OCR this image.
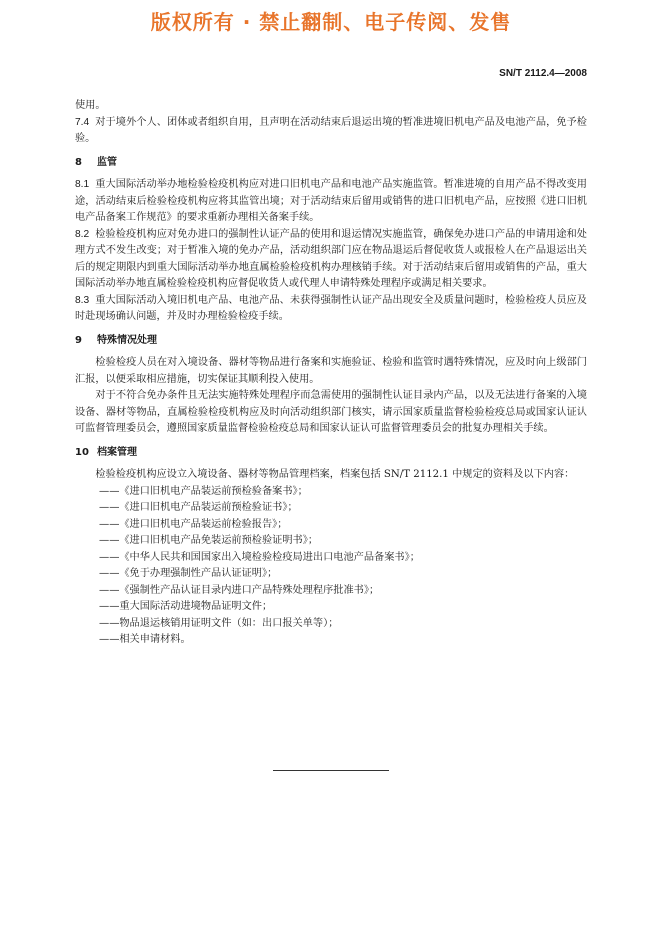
版权所有 · 禁止翻制、电子传阅、发售
SN/T 2112.4—2008

使用。

7.4 对于境外个人、团体或者组织自用，且声明在活动结束后退运出境的暂准进境旧机电产品及电池产品，免予检验。

8 监管

8.1 重大国际活动举办地检验检疫机构应对进口旧机电产品和电池产品实施监管。暂准进境的自用产品不得改变用途，活动结束后检验检疫机构应将其监管出境；对于活动结束后留用或销售的进口旧机电产品，应按照《进口旧机电产品备案工作规范》的要求重新办理相关备案手续。

8.2 检验检疫机构应对免办进口的强制性认证产品的使用和退运情况实施监管，确保免办进口产品的申请用途和处理方式不发生改变；对于暂准入境的免办产品，活动组织部门应在物品退运后督促收货人或报检人在产品退运出关后的规定期限内到重大国际活动举办地直属检验检疫机构办理核销手续。对于活动结束后留用或销售的产品，重大国际活动举办地直属检验检疫机构应督促收货人或代理人申请特殊处理程序或满足相关要求。

8.3 重大国际活动入境旧机电产品、电池产品、未获得强制性认证产品出现安全及质量问题时，检验检疫人员应及时赴现场确认问题，并及时办理检验检疫手续。

9 特殊情况处理

检验检疫人员在对入境设备、器材等物品进行备案和实施验证、检验和监管时遇特殊情况，应及时向上级部门汇报，以便采取相应措施，切实保证其顺利投入使用。

对于不符合免办条件且无法实施特殊处理程序而急需使用的强制性认证目录内产品，以及无法进行备案的入境设备、器材等物品，直属检验检疫机构应及时向活动组织部门核实，请示国家质量监督检验检疫总局或国家认证认可监督管理委员会，遵照国家质量监督检验检疫总局和国家认证认可监督管理委员会的批复办理相关手续。

10 档案管理

检验检疫机构应设立入境设备、器材等物品管理档案，档案包括 SN/T 2112.1 中规定的资料及以下内容：

——《进口旧机电产品装运前预检验备案书》；

——《进口旧机电产品装运前预检验证书》；

——《进口旧机电产品装运前检验报告》；

——《进口旧机电产品免装运前预检验证明书》；

——《中华人民共和国国家出入境检验检疫局进出口电池产品备案书》；

——《免于办理强制性产品认证证明》；

——《强制性产品认证目录内进口产品特殊处理程序批准书》；

——重大国际活动进境物品证明文件；

——物品退运核销用证明文件（如：出口报关单等）；

——相关申请材料。
